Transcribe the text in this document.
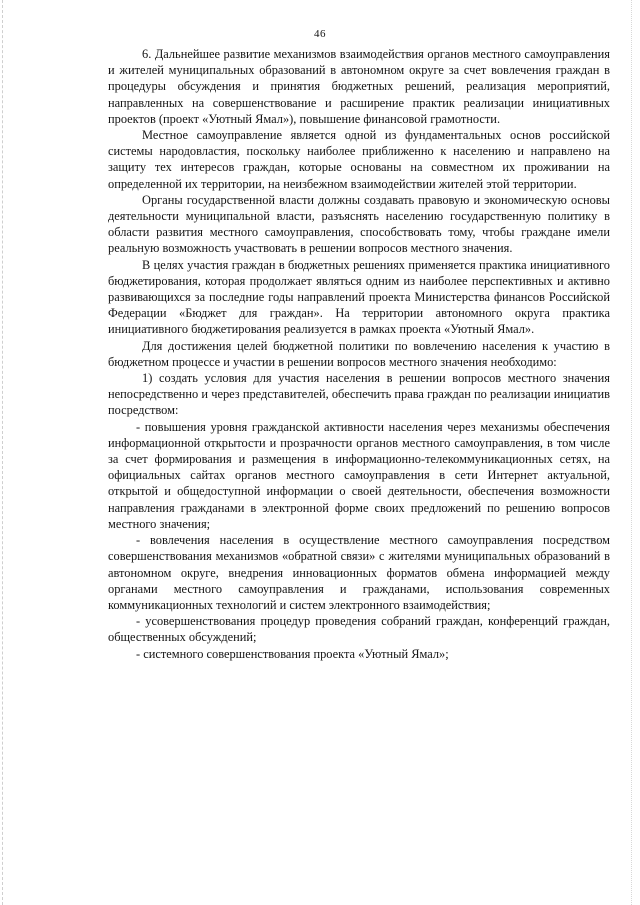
46

6. Дальнейшее развитие механизмов взаимодействия органов местного самоуправления и жителей муниципальных образований в автономном округе за счет вовлечения граждан в процедуры обсуждения и принятия бюджетных решений, реализация мероприятий, направленных на совершенствование и расширение практик реализации инициативных проектов (проект «Уютный Ямал»), повышение финансовой грамотности.

Местное самоуправление является одной из фундаментальных основ российской системы народовластия, поскольку наиболее приближенно к населению и направлено на защиту тех интересов граждан, которые основаны на совместном их проживании на определенной их территории, на неизбежном взаимодействии жителей этой территории.

Органы государственной власти должны создавать правовую и экономическую основы деятельности муниципальной власти, разъяснять населению государственную политику в области развития местного самоуправления, способствовать тому, чтобы граждане имели реальную возможность участвовать в решении вопросов местного значения.

В целях участия граждан в бюджетных решениях применяется практика инициативного бюджетирования, которая продолжает являться одним из наиболее перспективных и активно развивающихся за последние годы направлений проекта Министерства финансов Российской Федерации «Бюджет для граждан». На территории автономного округа практика инициативного бюджетирования реализуется в рамках проекта «Уютный Ямал».

Для достижения целей бюджетной политики по вовлечению населения к участию в бюджетном процессе и участии в решении вопросов местного значения необходимо:

1) создать условия для участия населения в решении вопросов местного значения непосредственно и через представителей, обеспечить права граждан по реализации инициатив посредством:

- повышения уровня гражданской активности населения через механизмы обеспечения информационной открытости и прозрачности органов местного самоуправления, в том числе за счет формирования и размещения в информационно-телекоммуникационных сетях, на официальных сайтах органов местного самоуправления в сети Интернет актуальной, открытой и общедоступной информации о своей деятельности, обеспечения возможности направления гражданами в электронной форме своих предложений по решению вопросов местного значения;

- вовлечения населения в осуществление местного самоуправления посредством совершенствования механизмов «обратной связи» с жителями муниципальных образований в автономном округе, внедрения инновационных форматов обмена информацией между органами местного самоуправления и гражданами, использования современных коммуникационных технологий и систем электронного взаимодействия;

- усовершенствования процедур проведения собраний граждан, конференций граждан, общественных обсуждений;

- системного совершенствования проекта «Уютный Ямал»;
